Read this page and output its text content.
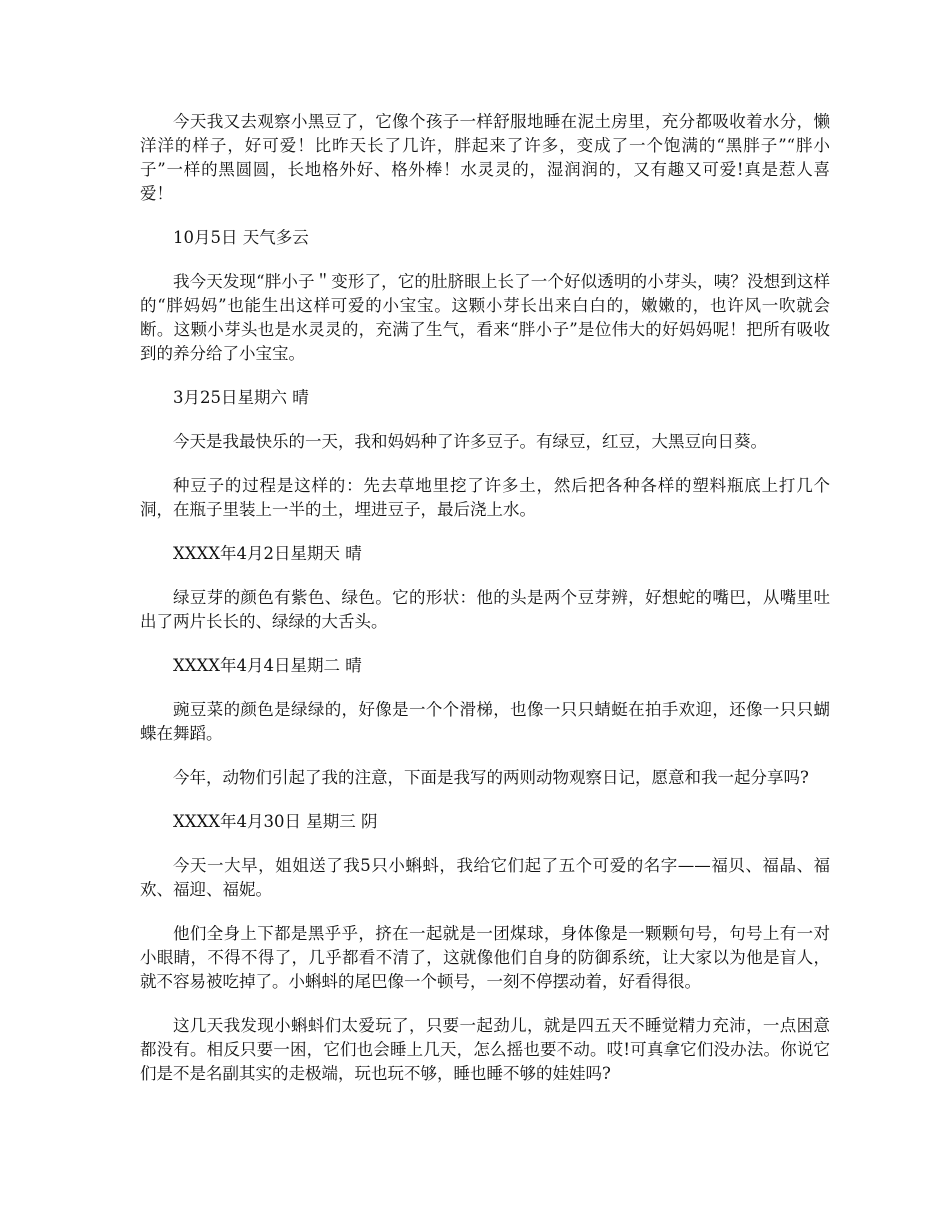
今天我又去观察小黑豆了，它像个孩子一样舒服地睡在泥土房里，充分都吸收着水分，懒洋洋的样子，好可爱！比昨天长了几许，胖起来了许多，变成了一个饱满的“黑胖子”“胖小子”一样的黑圆圆，长地格外好、格外棒！水灵灵的，湿润润的，又有趣又可爱!真是惹人喜爱！

10月5日 天气多云

我今天发现“胖小子＂变形了，它的肚脐眼上长了一个好似透明的小芽头，咦？没想到这样的“胖妈妈”也能生出这样可爱的小宝宝。这颗小芽长出来白白的，嫩嫩的，也许风一吹就会断。这颗小芽头也是水灵灵的，充满了生气，看来“胖小子”是位伟大的好妈妈呢！把所有吸收到的养分给了小宝宝。

3月25日星期六 晴

今天是我最快乐的一天，我和妈妈种了许多豆子。有绿豆，红豆，大黑豆向日葵。

种豆子的过程是这样的：先去草地里挖了许多土，然后把各种各样的塑料瓶底上打几个洞，在瓶子里装上一半的土，埋进豆子，最后浇上水。

XXXX年4月2日星期天 晴

绿豆芽的颜色有紫色、绿色。它的形状：他的头是两个豆芽辨，好想蛇的嘴巴，从嘴里吐出了两片长长的、绿绿的大舌头。

XXXX年4月4日星期二 晴

豌豆菜的颜色是绿绿的，好像是一个个滑梯，也像一只只蜻蜓在拍手欢迎，还像一只只蝴蝶在舞蹈。

今年，动物们引起了我的注意，下面是我写的两则动物观察日记，愿意和我一起分享吗?

XXXX年4月30日 星期三 阴

今天一大早，姐姐送了我5只小蝌蚪，我给它们起了五个可爱的名字——福贝、福晶、福欢、福迎、福妮。

他们全身上下都是黑乎乎，挤在一起就是一团煤球，身体像是一颗颗句号，句号上有一对小眼睛，不得不得了，几乎都看不清了，这就像他们自身的防御系统，让大家以为他是盲人，就不容易被吃掉了。小蝌蚪的尾巴像一个顿号，一刻不停摆动着，好看得很。

这几天我发现小蝌蚪们太爱玩了，只要一起劲儿，就是四五天不睡觉精力充沛，一点困意都没有。相反只要一困，它们也会睡上几天，怎么摇也要不动。哎!可真拿它们没办法。你说它们是不是名副其实的走极端，玩也玩不够，睡也睡不够的娃娃吗?
